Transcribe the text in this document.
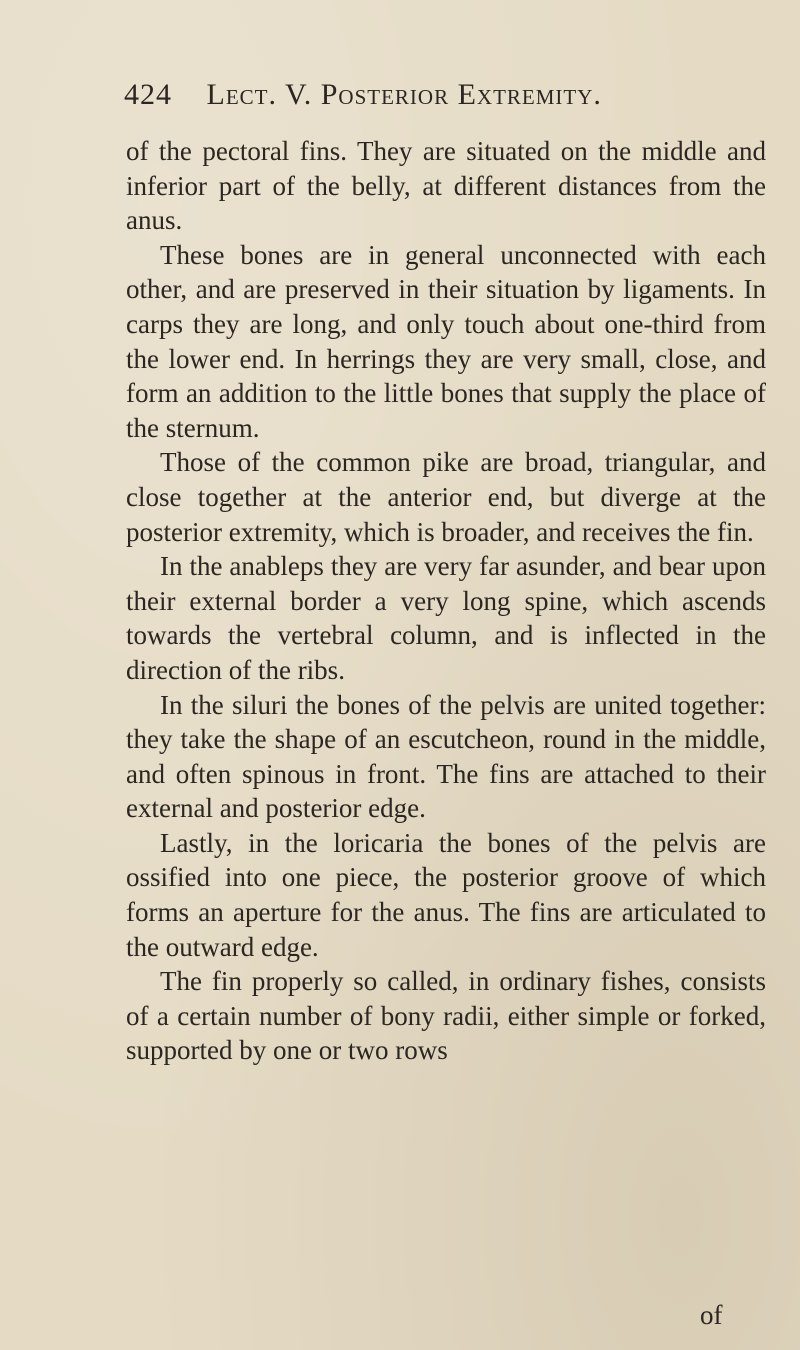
424 Lect. V. Posterior Extremity.

of the pectoral fins. They are situated on the middle and inferior part of the belly, at different distances from the anus.

These bones are in general unconnected with each other, and are preserved in their situation by ligaments. In carps they are long, and only touch about one-third from the lower end. In herrings they are very small, close, and form an addition to the little bones that supply the place of the sternum.

Those of the common pike are broad, triangular, and close together at the anterior end, but diverge at the posterior extremity, which is broader, and receives the fin.

In the anableps they are very far asunder, and bear upon their external border a very long spine, which ascends towards the vertebral column, and is inflected in the direction of the ribs.

In the siluri the bones of the pelvis are united together: they take the shape of an escutcheon, round in the middle, and often spinous in front. The fins are attached to their external and posterior edge.

Lastly, in the loricaria the bones of the pelvis are ossified into one piece, the posterior groove of which forms an aperture for the anus. The fins are articulated to the outward edge.

The fin properly so called, in ordinary fishes, consists of a certain number of bony radii, either simple or forked, supported by one or two rows

of
